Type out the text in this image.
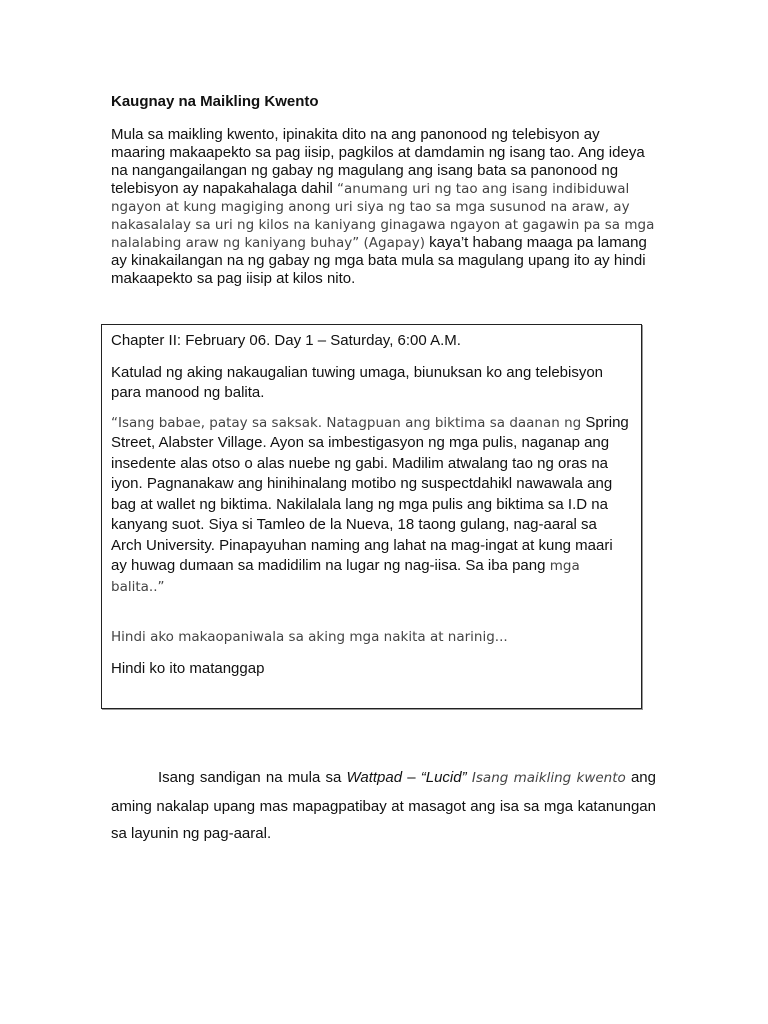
Kaugnay na Maikling Kwento

Mula sa maikling kwento, ipinakita dito na ang panonood ng telebisyon ay maaring makaapekto sa pag iisip, pagkilos at damdamin ng isang tao. Ang ideya na nangangailangan ng gabay ng magulang ang isang bata sa panonood ng telebisyon ay napakahalaga dahil “anumang uri ng tao ang isang indibiduwal ngayon at kung magiging anong uri siya ng tao sa mga susunod na araw, ay nakasalalay sa uri ng kilos na kaniyang ginagawa ngayon at gagawin pa sa mga nalalabing araw ng kaniyang buhay” (Agapay) kaya’t habang maaga pa lamang ay kinakailangan na ng gabay ng mga bata mula sa magulang upang ito ay hindi makaapekto sa pag iisip at kilos nito.

Chapter II: February 06. Day 1 – Saturday, 6:00 A.M.

Katulad ng aking nakaugalian tuwing umaga, biunuksan ko ang telebisyon para manood ng balita.

“Isang babae, patay sa saksak. Natagpuan ang biktima sa daanan ng Spring Street, Alabster Village. Ayon sa imbestigasyon ng mga pulis, naganap ang insedente alas otso o alas nuebe ng gabi. Madilim atwalang tao ng oras na iyon. Pagnanakaw ang hinihinalang motibo ng suspectdahikl nawawala ang bag at wallet ng biktima. Nakilalala lang ng mga pulis ang biktima sa I.D na kanyang suot. Siya si Tamleo de la Nueva, 18 taong gulang, nag-aaral sa Arch University. Pinapayuhan naming ang lahat na mag-ingat at kung maari ay huwag dumaan sa madidilim na lugar ng nag-iisa. Sa iba pang mga balita..”

Hindi ako makaopaniwala sa aking mga nakita at narinig...

Hindi ko ito matanggap

Isang sandigan na mula sa Wattpad – “Lucid” Isang maikling kwento ang aming nakalap upang mas mapagpatibay at masagot ang isa sa mga katanungan sa layunin ng pag-aaral.
